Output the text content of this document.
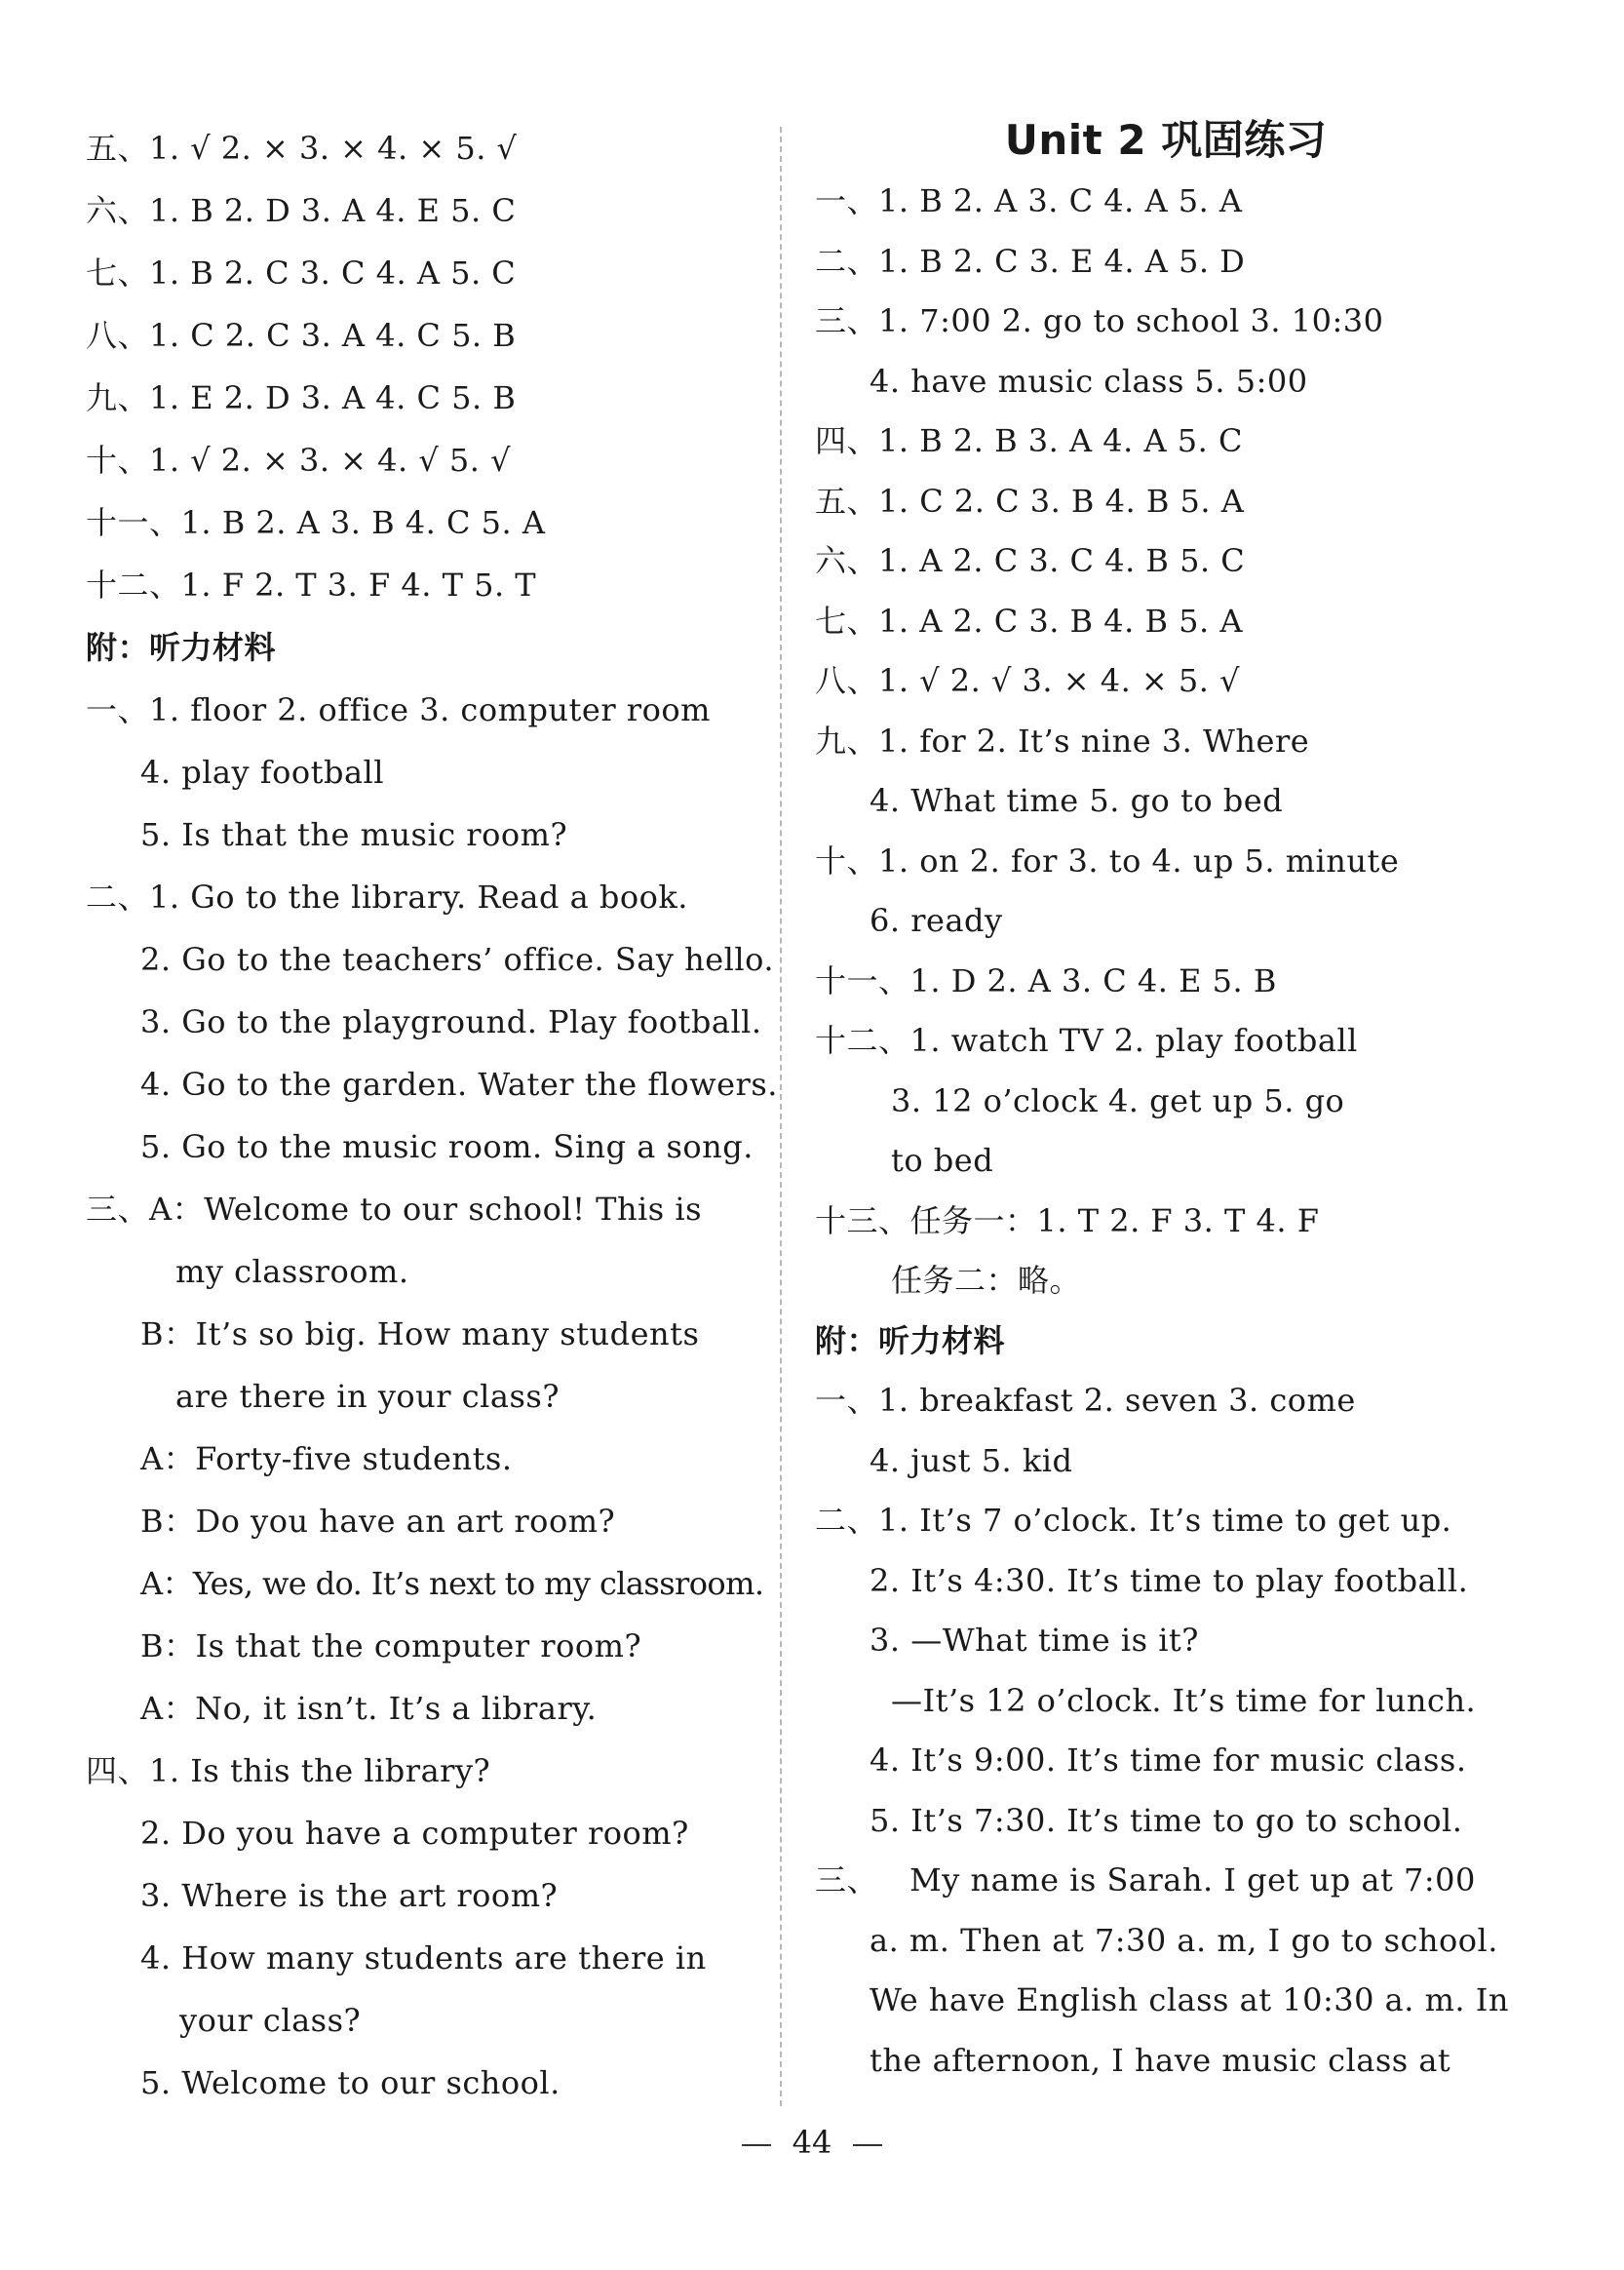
五、1. √ 2. × 3. × 4. × 5. √
六、1. B 2. D 3. A 4. E 5. C
七、1. B 2. C 3. C 4. A 5. C
八、1. C 2. C 3. A 4. C 5. B
九、1. E 2. D 3. A 4. C 5. B
十、1. √ 2. × 3. × 4. √ 5. √
十一、1. B 2. A 3. B 4. C 5. A
十二、1. F 2. T 3. F 4. T 5. T
附：听力材料
一、1. floor 2. office 3. computer room
4. play football
5. Is that the music room?
二、1. Go to the library. Read a book.
2. Go to the teachers’ office. Say hello.
3. Go to the playground. Play football.
4. Go to the garden. Water the flowers.
5. Go to the music room. Sing a song.
三、A：Welcome to our school! This is
my classroom.
B：It’s so big. How many students
are there in your class?
A：Forty-five students.
B：Do you have an art room?
A：Yes, we do. It’s next to my classroom.
B：Is that the computer room?
A：No, it isn’t. It’s a library.
四、1. Is this the library?
2. Do you have a computer room?
3. Where is the art room?
4. How many students are there in
your class?
5. Welcome to our school.
Unit 2 巩固练习
一、1. B 2. A 3. C 4. A 5. A
二、1. B 2. C 3. E 4. A 5. D
三、1. 7:00 2. go to school 3. 10:30
4. have music class 5. 5:00
四、1. B 2. B 3. A 4. A 5. C
五、1. C 2. C 3. B 4. B 5. A
六、1. A 2. C 3. C 4. B 5. C
七、1. A 2. C 3. B 4. B 5. A
八、1. √ 2. √ 3. × 4. × 5. √
九、1. for 2. It’s nine 3. Where
4. What time 5. go to bed
十、1. on 2. for 3. to 4. up 5. minute
6. ready
十一、1. D 2. A 3. C 4. E 5. B
十二、1. watch TV 2. play football
3. 12 o’clock 4. get up 5. go
to bed
十三、任务一：1. T 2. F 3. T 4. F
任务二：略。
附：听力材料
一、1. breakfast 2. seven 3. come
4. just 5. kid
二、1. It’s 7 o’clock. It’s time to get up.
2. It’s 4:30. It’s time to play football.
3. —What time is it?
—It’s 12 o’clock. It’s time for lunch.
4. It’s 9:00. It’s time for music class.
5. It’s 7:30. It’s time to go to school.
三、   My name is Sarah. I get up at 7:00
a. m. Then at 7:30 a. m, I go to school.
We have English class at 10:30 a. m. In
the afternoon, I have music class at
44
